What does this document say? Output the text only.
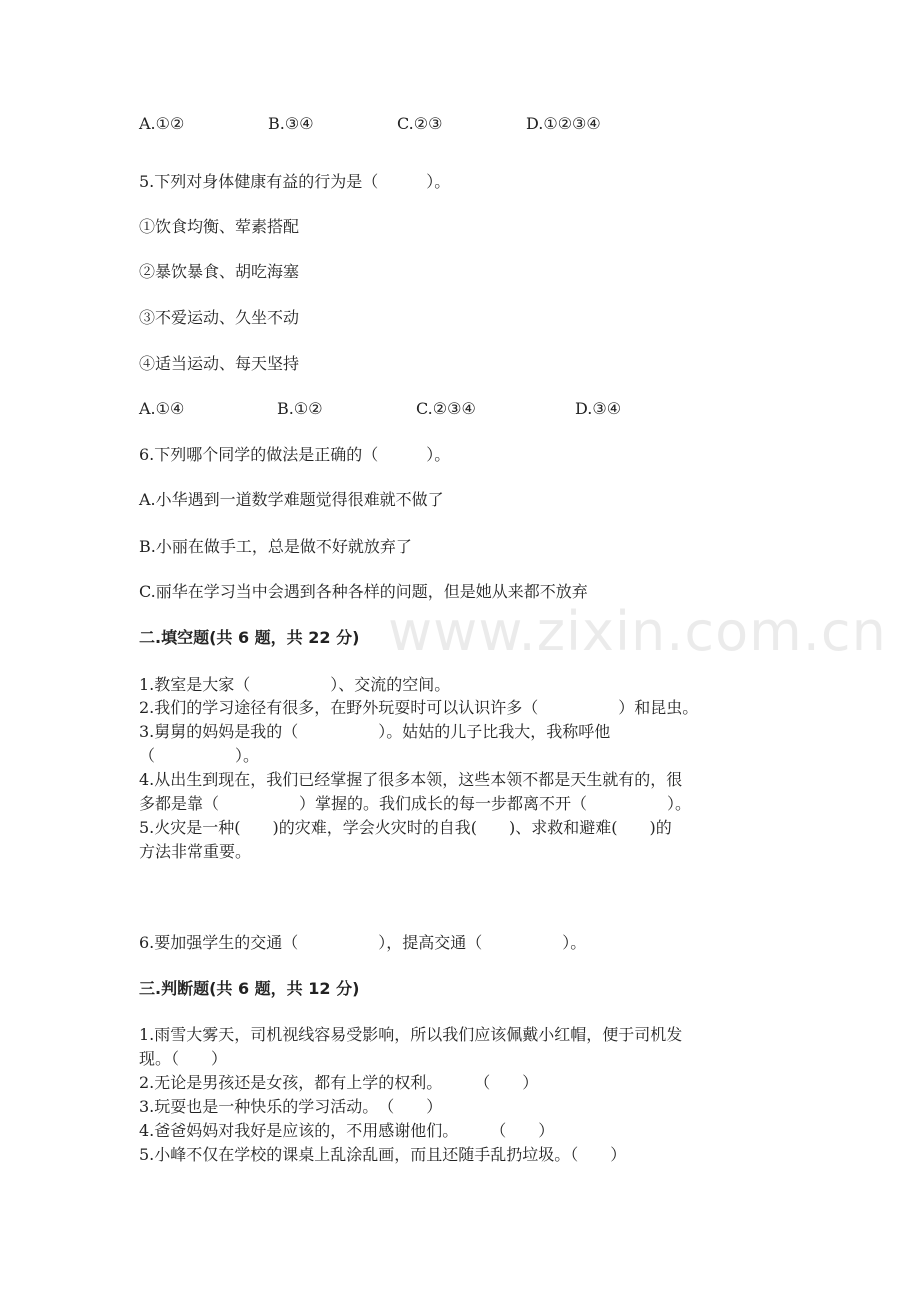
A.①②	B.③④	C.②③	D.①②③④
5.下列对身体健康有益的行为是（　　　）。
①饮食均衡、荤素搭配
②暴饮暴食、胡吃海塞
③不爱运动、久坐不动
④适当运动、每天坚持
A.①④	B.①②	C.②③④	D.③④
6.下列哪个同学的做法是正确的（　　　）。
A.小华遇到一道数学难题觉得很难就不做了
B.小丽在做手工，总是做不好就放弃了
C.丽华在学习当中会遇到各种各样的问题，但是她从来都不放弃
www.zixin.com.cn
二.填空题(共 6 题，共 22 分)
1.教室是大家（　　　　　）、交流的空间。
2.我们的学习途径有很多，在野外玩耍时可以认识许多（　　　　　）和昆虫。
3.舅舅的妈妈是我的（　　　　　）。姑姑的儿子比我大，我称呼他
（　　　　　）。
4.从出生到现在，我们已经掌握了很多本领，这些本领不都是天生就有的，很
多都是靠（　　　　　）掌握的。我们成长的每一步都离不开（　　　　　）。
5.火灾是一种(　　)的灾难，学会火灾时的自我(　　)、求救和避难(　　)的
方法非常重要。
6.要加强学生的交通（　　　　　），提高交通（　　　　　）。
三.判断题(共 6 题，共 12 分)
1.雨雪大雾天，司机视线容易受影响，所以我们应该佩戴小红帽，便于司机发
现。（　　）
2.无论是男孩还是女孩，都有上学的权利。　　　（　　）
3.玩耍也是一种快乐的学习活动。　（　　）
4.爸爸妈妈对我好是应该的，不用感谢他们。　　　（　　）
5.小峰不仅在学校的课桌上乱涂乱画，而且还随手乱扔垃圾。（　　）
